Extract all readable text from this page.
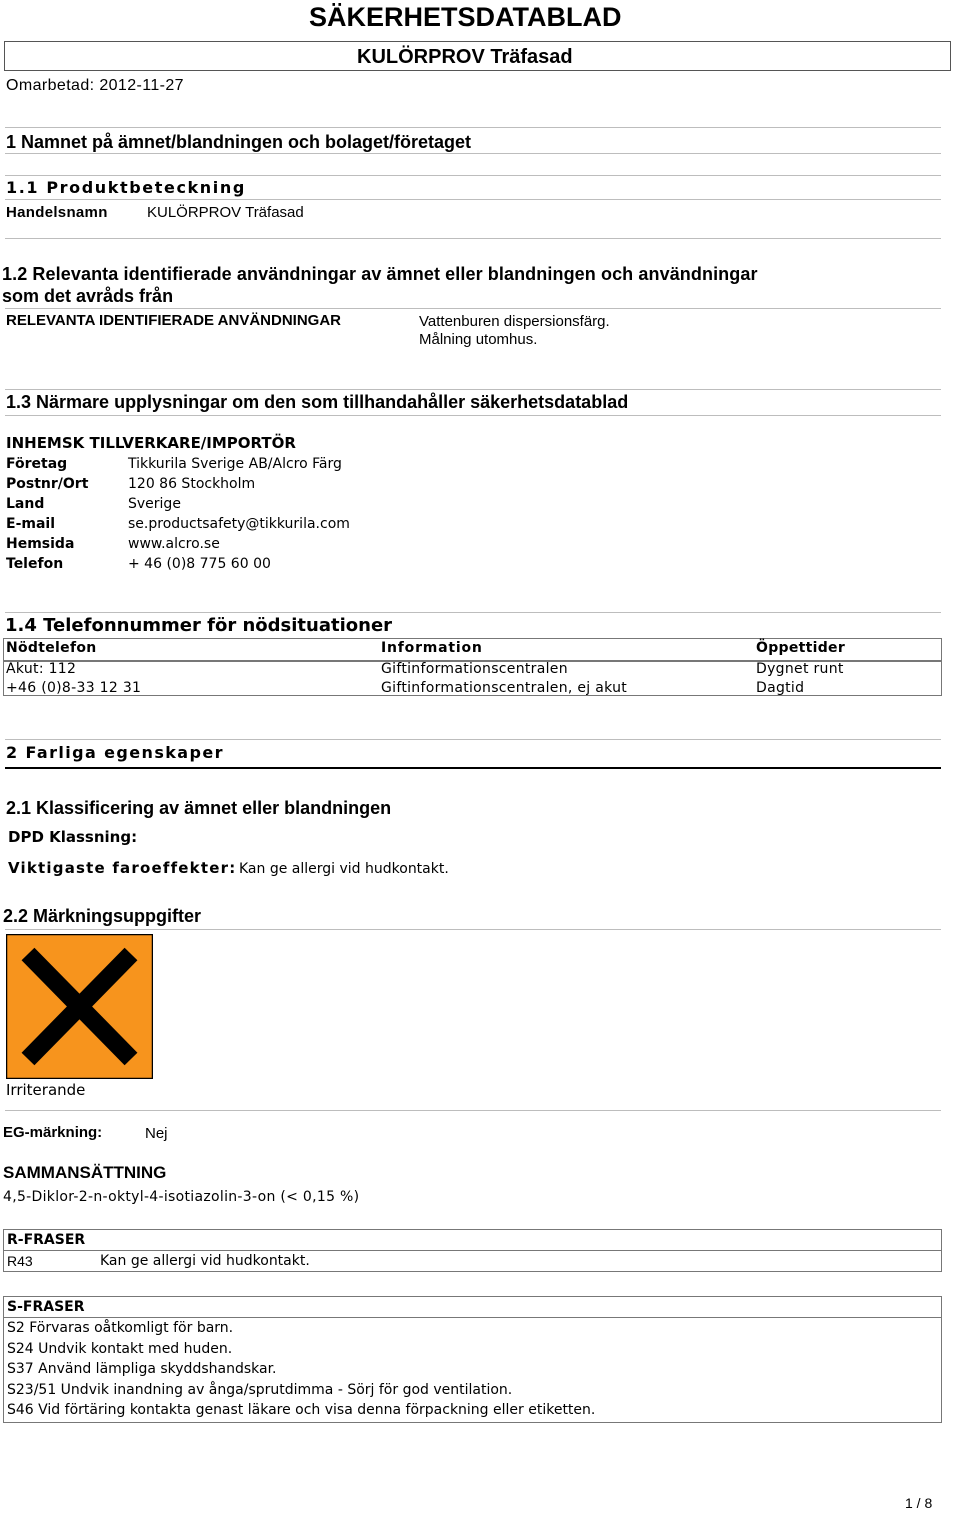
SÄKERHETSDATABLAD
KULÖRPROV Träfasad
Omarbetad: 2012-11-27
1 Namnet på ämnet/blandningen och bolaget/företaget
1.1 Produktbeteckning
Handelsnamn	KULÖRPROV Träfasad
1.2 Relevanta identifierade användningar av ämnet eller blandningen och användningar
som det avråds från
RELEVANTA IDENTIFIERADE ANVÄNDNINGAR	Vattenburen dispersionsfärg.
Målning utomhus.
1.3 Närmare upplysningar om den som tillhandahåller säkerhetsdatablad
INHEMSK TILLVERKARE/IMPORTÖR
Företag	Tikkurila Sverige AB/Alcro Färg
Postnr/Ort	120 86 Stockholm
Land	Sverige
E-mail	se.productsafety@tikkurila.com
Hemsida	www.alcro.se
Telefon	+ 46 (0)8 775 60 00
1.4 Telefonnummer för nödsituationer
Nödtelefon	Information	Öppettider
Akut: 112	Giftinformationscentralen	Dygnet runt
+46 (0)8-33 12 31	Giftinformationscentralen, ej akut	Dagtid
2 Farliga egenskaper
2.1 Klassificering av ämnet eller blandningen
DPD Klassning:
Viktigaste faroeffekter: Kan ge allergi vid hudkontakt.
2.2 Märkningsuppgifter
Irriterande
EG-märkning:	Nej
SAMMANSÄTTNING
4,5-Diklor-2-n-oktyl-4-isotiazolin-3-on (< 0,15 %)
R-FRASER
R43	Kan ge allergi vid hudkontakt.
S-FRASER
S2 Förvaras oåtkomligt för barn.
S24 Undvik kontakt med huden.
S37 Använd lämpliga skyddshandskar.
S23/51 Undvik inandning av ånga/sprutdimma - Sörj för god ventilation.
S46 Vid förtäring kontakta genast läkare och visa denna förpackning eller etiketten.
1 / 8
